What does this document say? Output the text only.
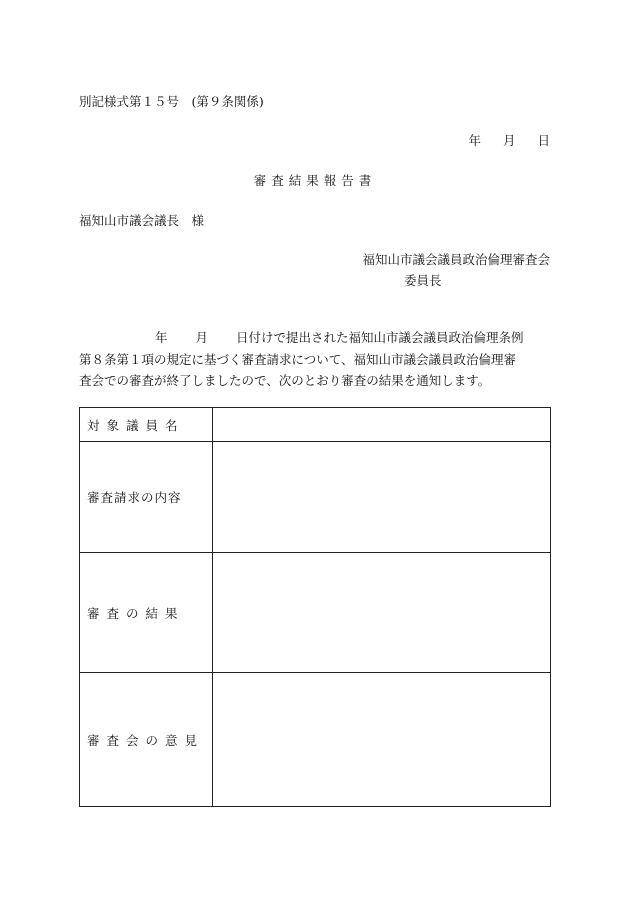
別記様式第１５号　(第９条関係)
年 月 日
審査結果報告書
福知山市議会議長　様
福知山市議会議員政治倫理審査会
委員長
年 月 日付けで提出された福知山市議会議員政治倫理条例
第８条第１項の規定に基づく審査請求について、福知山市議会議員政治倫理審
査会での審査が終了しましたので、次のとおり審査の結果を通知します。
対象議員名	
審査請求の内容	
審査の結果	
審査会の意見	
